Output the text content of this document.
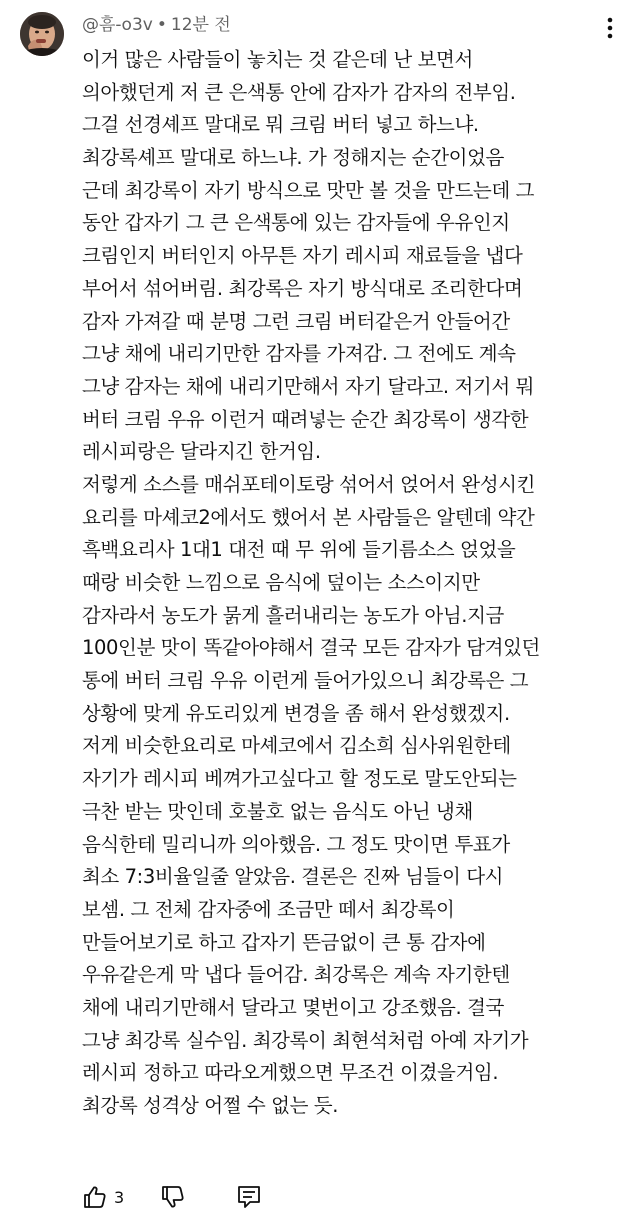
@흠-o3v • 12분 전
이거 많은 사람들이 놓치는 것 같은데 난 보면서
의아했던게 저 큰 은색통 안에 감자가 감자의 전부임.
그걸 선경셰프 말대로 뭐 크림 버터 넣고 하느냐.
최강록셰프 말대로 하느냐. 가 정해지는 순간이었음
근데 최강록이 자기 방식으로 맛만 볼 것을 만드는데 그
동안 갑자기 그 큰 은색통에 있는 감자들에 우유인지
크림인지 버터인지 아무튼 자기 레시피 재료들을 냅다
부어서 섞어버림. 최강록은 자기 방식대로 조리한다며
감자 가져갈 때 분명 그런 크림 버터같은거 안들어간
그냥 채에 내리기만한 감자를 가져감. 그 전에도 계속
그냥 감자는 채에 내리기만해서 자기 달라고. 저기서 뭐
버터 크림 우유 이런거 때려넣는 순간 최강록이 생각한
레시피랑은 달라지긴 한거임.
저렇게 소스를 매쉬포테이토랑 섞어서 얹어서 완성시킨
요리를 마셰코2에서도 했어서 본 사람들은 알텐데 약간
흑백요리사 1대1 대전 때 무 위에 들기름소스 얹었을
때랑 비슷한 느낌으로 음식에 덮이는 소스이지만
감자라서 농도가 묽게 흘러내리는 농도가 아님.지금
100인분 맛이 똑같아야해서 결국 모든 감자가 담겨있던
통에 버터 크림 우유 이런게 들어가있으니 최강록은 그
상황에 맞게 유도리있게 변경을 좀 해서 완성했겠지.
저게 비슷한요리로 마셰코에서 김소희 심사위원한테
자기가 레시피 베껴가고싶다고 할 정도로 말도안되는
극찬 받는 맛인데 호불호 없는 음식도 아닌 냉채
음식한테 밀리니까 의아했음. 그 정도 맛이면 투표가
최소 7:3비율일줄 알았음. 결론은 진짜 님들이 다시
보셈. 그 전체 감자중에 조금만 떼서 최강록이
만들어보기로 하고 갑자기 뜬금없이 큰 통 감자에
우유같은게 막 냅다 들어감. 최강록은 계속 자기한텐
채에 내리기만해서 달라고 몇번이고 강조했음. 결국
그냥 최강록 실수임. 최강록이 최현석처럼 아예 자기가
레시피 정하고 따라오게했으면 무조건 이겼을거임.
최강록 성격상 어쩔 수 없는 듯.
3
